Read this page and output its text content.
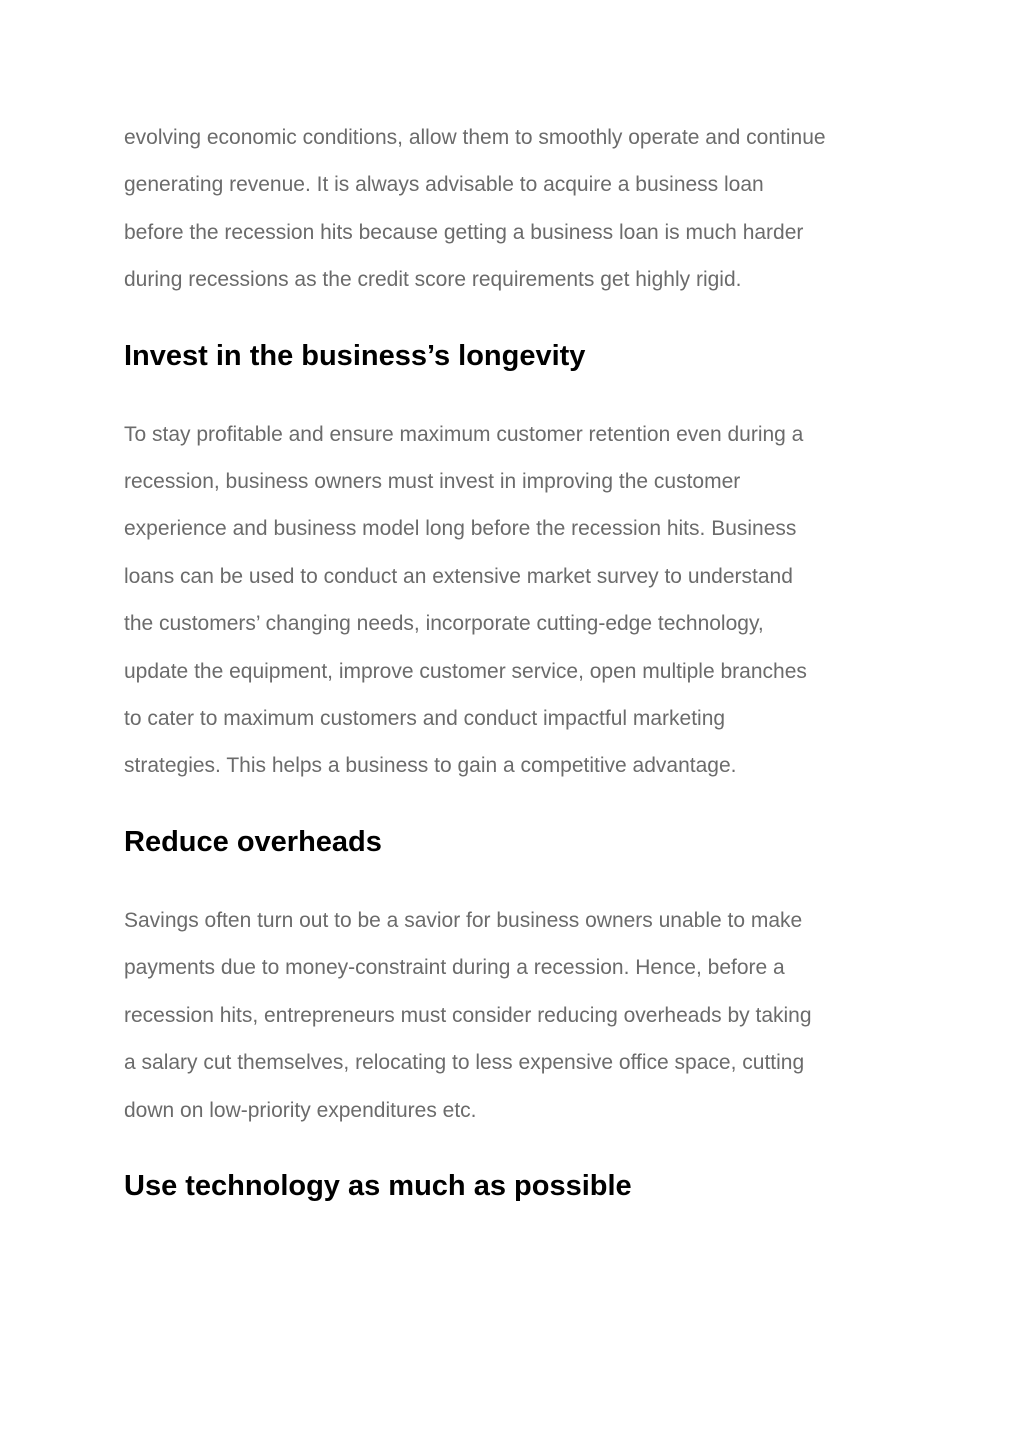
evolving economic conditions, allow them to smoothly operate and continue
generating revenue. It is always advisable to acquire a business loan
before the recession hits because getting a business loan is much harder
during recessions as the credit score requirements get highly rigid.

Invest in the business’s longevity

To stay profitable and ensure maximum customer retention even during a
recession, business owners must invest in improving the customer
experience and business model long before the recession hits. Business
loans can be used to conduct an extensive market survey to understand
the customers’ changing needs, incorporate cutting-edge technology,
update the equipment, improve customer service, open multiple branches
to cater to maximum customers and conduct impactful marketing
strategies. This helps a business to gain a competitive advantage.

Reduce overheads

Savings often turn out to be a savior for business owners unable to make
payments due to money-constraint during a recession. Hence, before a
recession hits, entrepreneurs must consider reducing overheads by taking
a salary cut themselves, relocating to less expensive office space, cutting
down on low-priority expenditures etc.

Use technology as much as possible
